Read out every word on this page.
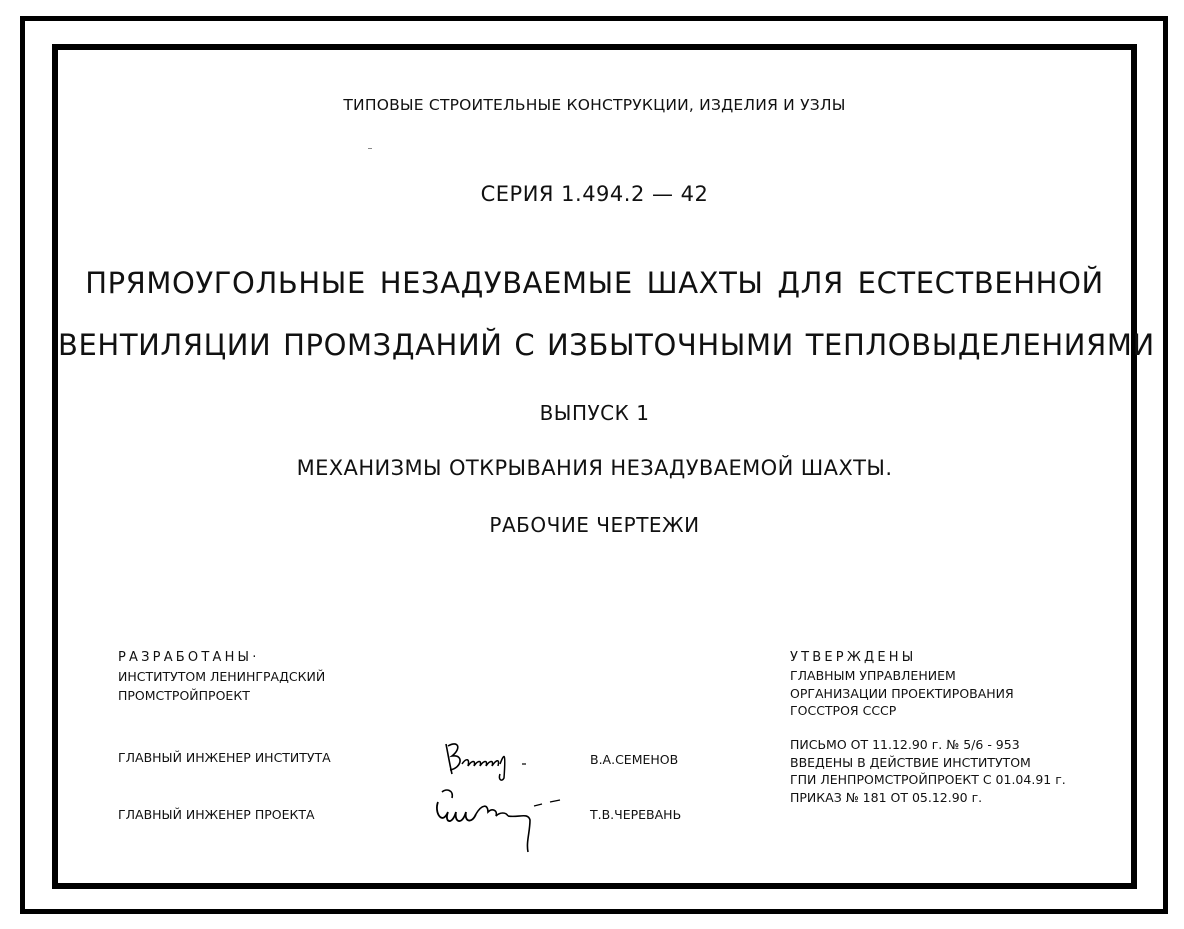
ТИПОВЫЕ СТРОИТЕЛЬНЫЕ КОНСТРУКЦИИ, ИЗДЕЛИЯ И УЗЛЫ
СЕРИЯ 1.494.2 — 42
ПРЯМОУГОЛЬНЫЕ НЕЗАДУВАЕМЫЕ ШАХТЫ ДЛЯ ЕСТЕСТВЕННОЙ
ВЕНТИЛЯЦИИ ПРОМЗДАНИЙ С ИЗБЫТОЧНЫМИ ТЕПЛОВЫДЕЛЕНИЯМИ
ВЫПУСК 1
МЕХАНИЗМЫ ОТКРЫВАНИЯ НЕЗАДУВАЕМОЙ ШАХТЫ.
РАБОЧИЕ ЧЕРТЕЖИ
РАЗРАБОТАНЫ·
ИНСТИТУТОМ ЛЕНИНГРАДСКИЙ
ПРОМСТРОЙПРОЕКТ
ГЛАВНЫЙ ИНЖЕНЕР ИНСТИТУТА	В.А.СЕМЕНОВ
ГЛАВНЫЙ ИНЖЕНЕР ПРОЕКТА	Т.В.ЧЕРЕВАНЬ
УТВЕРЖДЕНЫ
ГЛАВНЫМ УПРАВЛЕНИЕМ
ОРГАНИЗАЦИИ ПРОЕКТИРОВАНИЯ
ГОССТРОЯ СССР
ПИСЬМО ОТ 11.12.90 г. № 5/6 - 953
ВВЕДЕНЫ В ДЕЙСТВИЕ ИНСТИТУТОМ
ГПИ ЛЕНПРОМСТРОЙПРОЕКТ С 01.04.91 г.
ПРИКАЗ № 181 ОТ 05.12.90 г.
